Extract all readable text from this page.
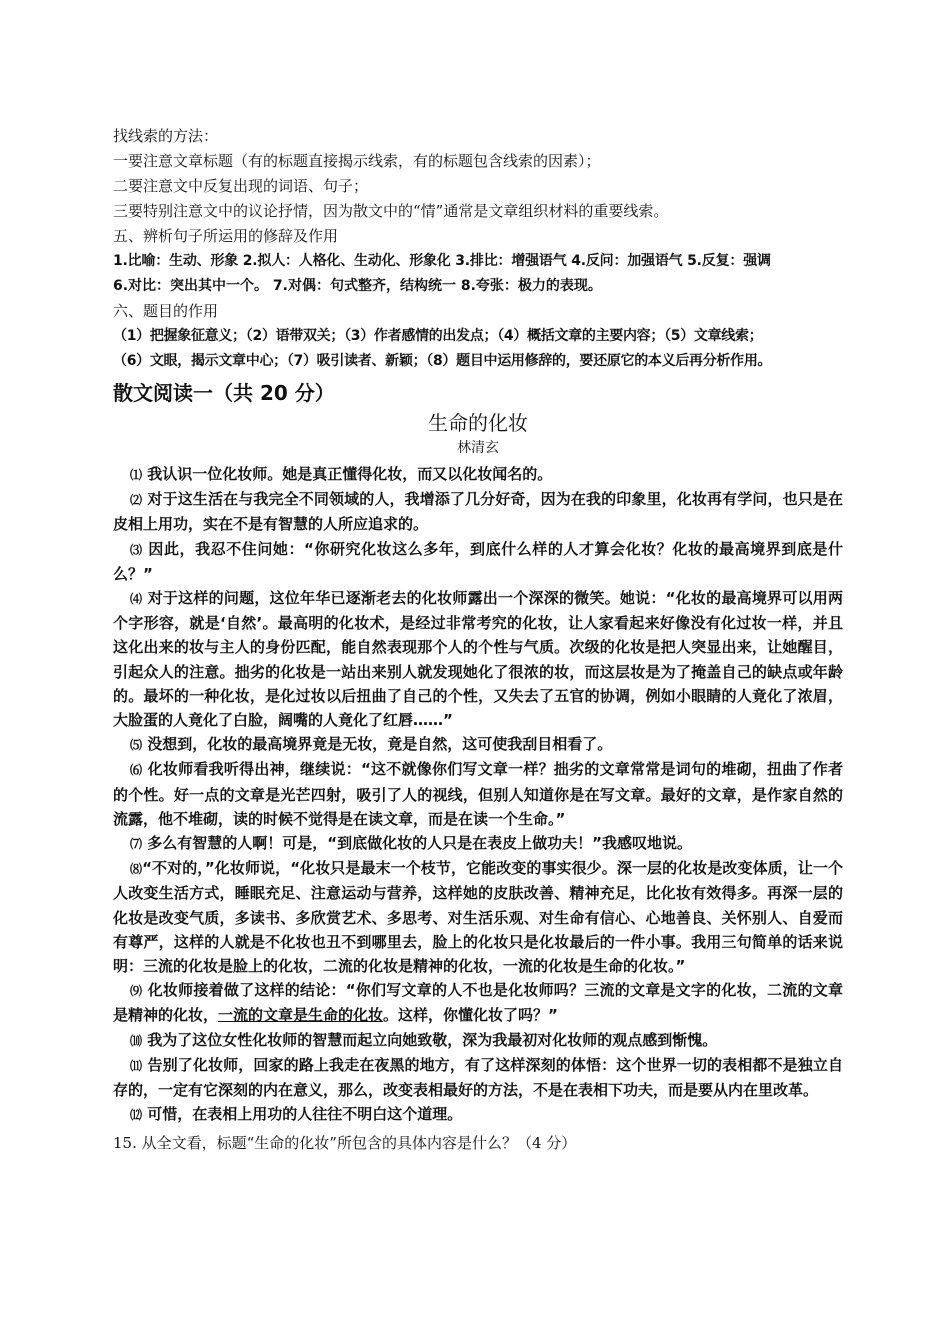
找线索的方法：
一要注意文章标题（有的标题直接揭示线索，有的标题包含线索的因素）；
二要注意文中反复出现的词语、句子；
三要特别注意文中的议论抒情，因为散文中的“情”通常是文章组织材料的重要线索。
五、辨析句子所运用的修辞及作用
1.比喻：生动、形象 2.拟人：人格化、生动化、形象化 3.排比：增强语气 4.反问：加强语气 5.反复：强调
6.对比：突出其中一个。 7.对偶：句式整齐，结构统一 8.夸张：极力的表现。
六、题目的作用
（1）把握象征意义；（2）语带双关；（3）作者感情的出发点；（4）概括文章的主要内容；（5）文章线索；
（6）文眼，揭示文章中心；（7）吸引读者、新颖；（8）题目中运用修辞的，要还原它的本义后再分析作用。
散文阅读一（共 20 分）
生命的化妆
林清玄

⑴ 我认识一位化妆师。她是真正懂得化妆，而又以化妆闻名的。

⑵ 对于这生活在与我完全不同领域的人，我增添了几分好奇，因为在我的印象里，化妆再有学问，也只是在皮相上用功，实在不是有智慧的人所应追求的。

⑶ 因此，我忍不住问她：“你研究化妆这么多年，到底什么样的人才算会化妆？化妆的最高境界到底是什么？”

⑷ 对于这样的问题，这位年华已逐渐老去的化妆师露出一个深深的微笑。她说：“化妆的最高境界可以用两个字形容，就是‘自然’。最高明的化妆术，是经过非常考究的化妆，让人家看起来好像没有化过妆一样，并且这化出来的妆与主人的身份匹配，能自然表现那个人的个性与气质。次级的化妆是把人突显出来，让她醒目，引起众人的注意。拙劣的化妆是一站出来别人就发现她化了很浓的妆，而这层妆是为了掩盖自己的缺点或年龄的。最坏的一种化妆，是化过妆以后扭曲了自己的个性，又失去了五官的协调，例如小眼睛的人竟化了浓眉，大脸蛋的人竟化了白脸，阔嘴的人竟化了红唇……”

⑸ 没想到，化妆的最高境界竟是无妆，竟是自然，这可使我刮目相看了。

⑹ 化妆师看我听得出神，继续说：“这不就像你们写文章一样？拙劣的文章常常是词句的堆砌，扭曲了作者的个性。好一点的文章是光芒四射，吸引了人的视线，但别人知道你是在写文章。最好的文章，是作家自然的流露，他不堆砌，读的时候不觉得是在读文章，而是在读一个生命。”

⑺ 多么有智慧的人啊！可是，“到底做化妆的人只是在表皮上做功夫！”我感叹地说。

⑻“不对的，”化妆师说，“化妆只是最末一个枝节，它能改变的事实很少。深一层的化妆是改变体质，让一个人改变生活方式，睡眠充足、注意运动与营养，这样她的皮肤改善、精神充足，比化妆有效得多。再深一层的化妆是改变气质，多读书、多欣赏艺术、多思考、对生活乐观、对生命有信心、心地善良、关怀别人、自爱而有尊严，这样的人就是不化妆也丑不到哪里去，脸上的化妆只是化妆最后的一件小事。我用三句简单的话来说明：三流的化妆是脸上的化妆，二流的化妆是精神的化妆，一流的化妆是生命的化妆。”

⑼ 化妆师接着做了这样的结论：“你们写文章的人不也是化妆师吗？三流的文章是文字的化妆，二流的文章是精神的化妆，一流的文章是生命的化妆。这样，你懂化妆了吗？”

⑽ 我为了这位女性化妆师的智慧而起立向她致敬，深为我最初对化妆师的观点感到惭愧。

⑾ 告别了化妆师，回家的路上我走在夜黑的地方，有了这样深刻的体悟：这个世界一切的表相都不是独立自存的，一定有它深刻的内在意义，那么，改变表相最好的方法，不是在表相下功夫，而是要从内在里改革。

⑿ 可惜，在表相上用功的人往往不明白这个道理。

15. 从全文看，标题“生命的化妆”所包含的具体内容是什么？（4 分）
